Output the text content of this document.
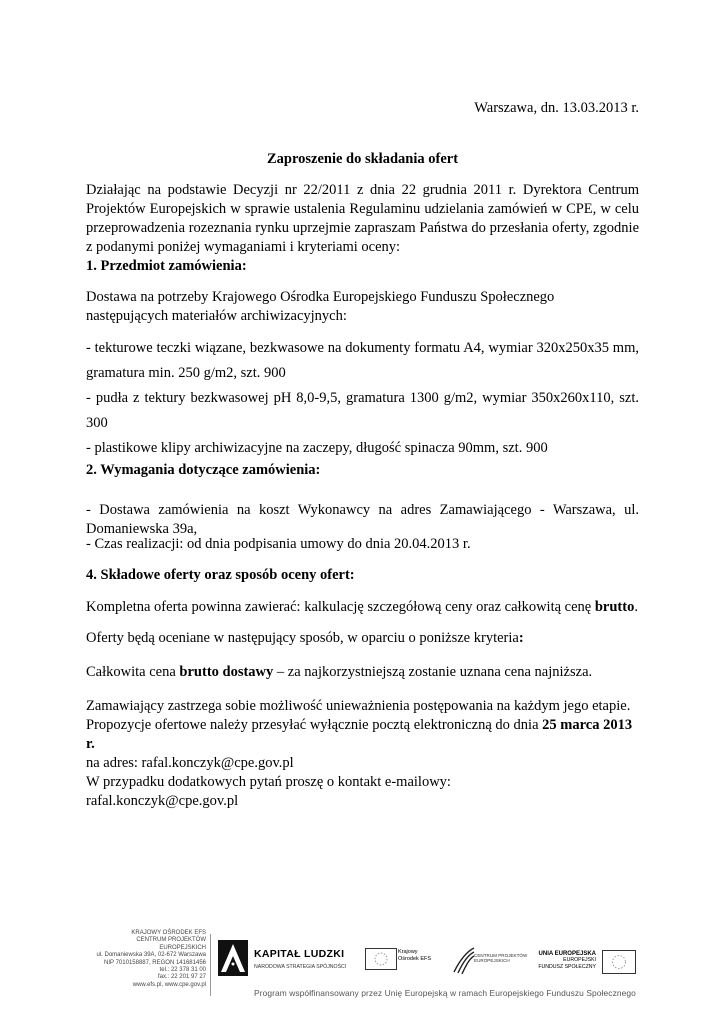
Warszawa, dn. 13.03.2013 r.
Zaproszenie do składania ofert
Działając na podstawie Decyzji nr 22/2011 z dnia 22 grudnia 2011 r. Dyrektora Centrum Projektów Europejskich w sprawie ustalenia Regulaminu udzielania zamówień w CPE, w celu przeprowadzenia rozeznania rynku uprzejmie zapraszam Państwa do przesłania oferty, zgodnie z podanymi poniżej wymaganiami i kryteriami oceny:
1. Przedmiot zamówienia:
Dostawa na potrzeby Krajowego Ośrodka Europejskiego Funduszu Społecznego następujących materiałów archiwizacyjnych:
- tekturowe teczki wiązane, bezkwasowe na dokumenty formatu A4, wymiar 320x250x35 mm, gramatura min. 250 g/m2, szt. 900
- pudła z tektury bezkwasowej pH 8,0-9,5, gramatura 1300 g/m2, wymiar 350x260x110, szt. 300
- plastikowe klipy archiwizacyjne na zaczepy, długość spinacza 90mm, szt. 900
2. Wymagania dotyczące zamówienia:
- Dostawa zamówienia na koszt Wykonawcy na adres Zamawiającego - Warszawa, ul. Domaniewska 39a,
- Czas realizacji: od dnia podpisania umowy do dnia 20.04.2013 r.
4. Składowe oferty oraz sposób oceny ofert:
Kompletna oferta powinna zawierać: kalkulację szczegółową ceny oraz całkowitą cenę brutto.
Oferty będą oceniane w następujący sposób, w oparciu o poniższe kryteria:
Całkowita cena brutto dostawy – za najkorzystniejszą zostanie uznana cena najniższa.
Zamawiający zastrzega sobie możliwość unieważnienia postępowania na każdym jego etapie.
Propozycje ofertowe należy przesyłać wyłącznie pocztą elektroniczną do dnia 25 marca 2013 r.
na adres: rafal.konczyk@cpe.gov.pl
W przypadku dodatkowych pytań proszę o kontakt e-mailowy:
rafal.konczyk@cpe.gov.pl
KRAJOWY OŚRODEK EFS
CENTRUM PROJEKTÓW EUROPEJSKICH
ul. Domaniewska 39A, 02-672 Warszawa
NIP 7010158887, REGON 141681456
tel.: 22 378 31 00
fax.: 22 201 97 27
www.efs.pl, www.cpe.gov.pl
KAPITAŁ LUDZKI
NARODOWA STRATEGIA SPÓJNOŚCI
Krajowy
Ośrodek EFS
CENTRUM PROJEKTÓW
EUROPEJSKICH
UNIA EUROPEJSKA
EUROPEJSKI
FUNDUSZ SPOŁECZNY
Program współfinansowany przez Unię Europejską w ramach Europejskiego Funduszu Społecznego
